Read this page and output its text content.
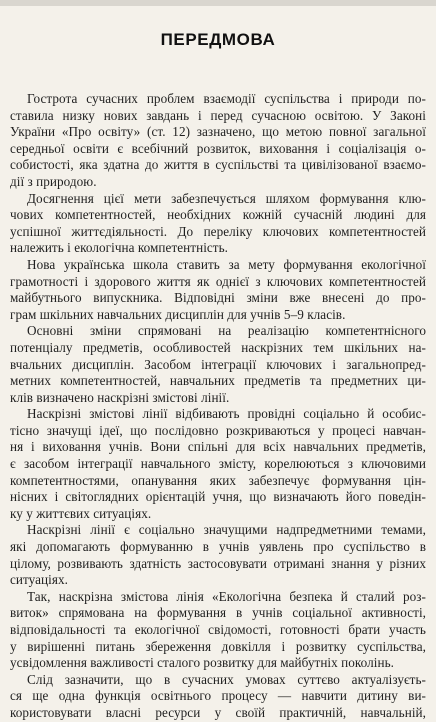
ПЕРЕДМОВА
Гострота сучасних проблем взаємодії суспільства і природи по-
ставила низку нових завдань і перед сучасною освітою. У Законі
України «Про освіту» (ст. 12) зазначено, що метою повної загальної
середньої освіти є всебічний розвиток, виховання і соціалізація о-
собистості, яка здатна до життя в суспільстві та цивілізованої взаємо-
дії з природою.
Досягнення цієї мети забезпечується шляхом формування клю-
чових компетентностей, необхідних кожній сучасній людині для
успішної життєдіяльності. До переліку ключових компетентностей
належить і екологічна компетентність.
Нова українська школа ставить за мету формування екологічної
грамотності і здорового життя як однієї з ключових компетентностей
майбутнього випускника. Відповідні зміни вже внесені до про-
грам шкільних навчальних дисциплін для учнів 5–9 класів.
Основні зміни спрямовані на реалізацію компетентнісного
потенціалу предметів, особливостей наскрізних тем шкільних на-
вчальних дисциплін. Засобом інтеграції ключових і загальнопред-
метних компетентностей, навчальних предметів та предметних ци-
клів визначено наскрізні змістові лінії.
Наскрізні змістові лінії відбивають провідні соціально й особис-
тісно значущі ідеї, що послідовно розкриваються у процесі навчан-
ня і виховання учнів. Вони спільні для всіх навчальних предметів,
є засобом інтеграції навчального змісту, корелюються з ключовими
компетентностями, опанування яких забезпечує формування цін-
нісних і світоглядних орієнтацій учня, що визначають його поведін-
ку у життєвих ситуаціях.
Наскрізні лінії є соціально значущими надпредметними темами,
які допомагають формуванню в учнів уявлень про суспільство в
цілому, розвивають здатність застосовувати отримані знання у різних
ситуаціях.
Так, наскрізна змістова лінія «Екологічна безпека й сталий роз-
виток» спрямована на формування в учнів соціальної активності,
відповідальності та екологічної свідомості, готовності брати участь
у вирішенні питань збереження довкілля і розвитку суспільства,
усвідомлення важливості сталого розвитку для майбутніх поколінь.
Слід зазначити, що в сучасних умовах суттєво актуалізуєть-
ся ще одна функція освітнього процесу — навчити дитину ви-
користовувати власні ресурси у своїй практичній, навчальній,
